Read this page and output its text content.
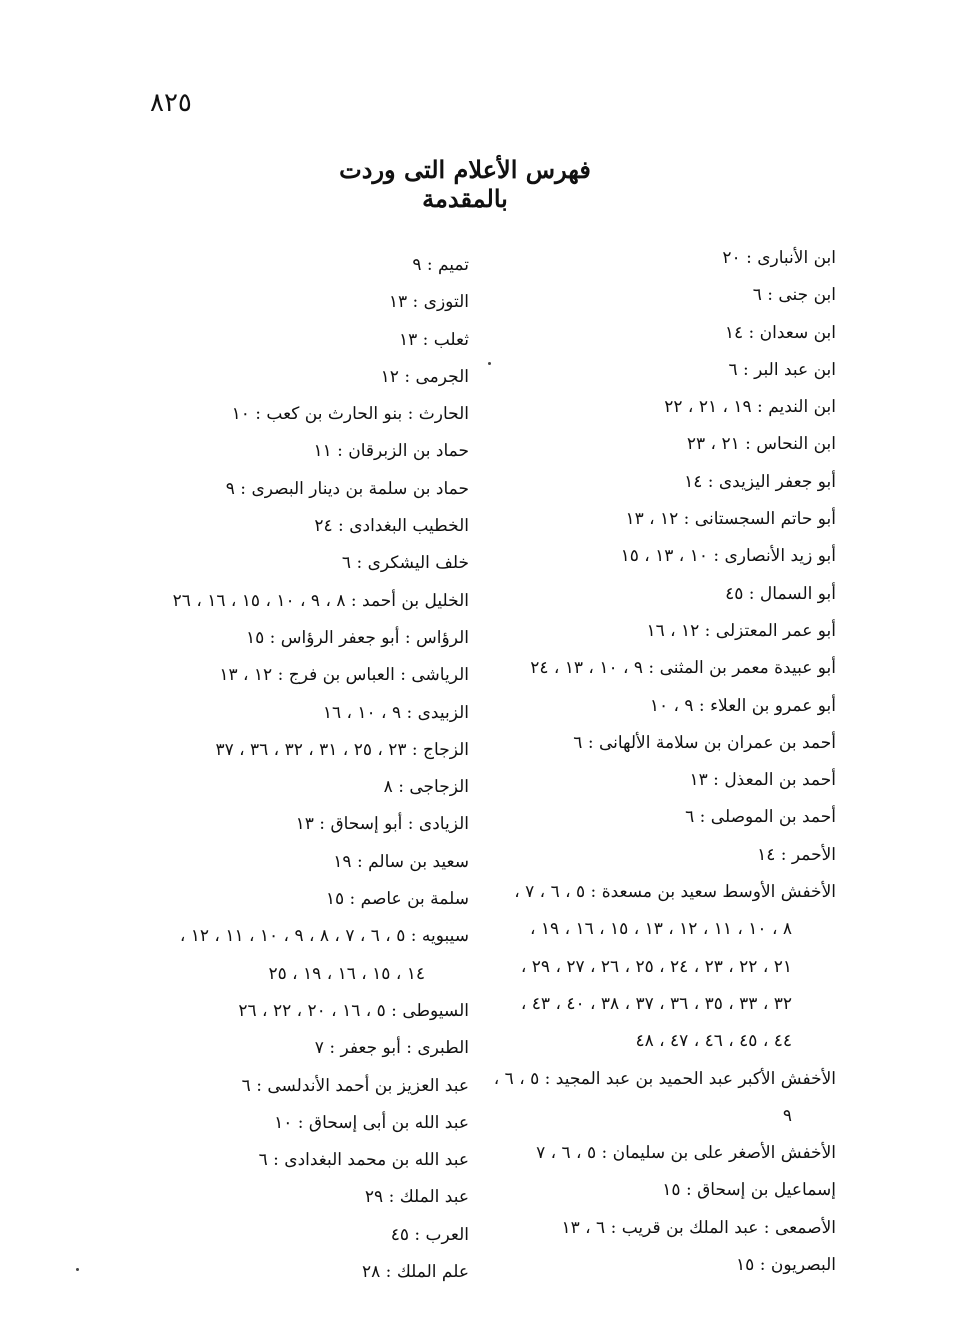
٨٢٥
فهرس الأعلام التى وردت بالمقدمة
ابن الأنبارى : ٢٠
ابن جنى : ٦
ابن سعدان : ١٤
ابن عبد البر : ٦
ابن النديم : ١٩ ، ٢١ ، ٢٢
ابن النحاس : ٢١ ، ٢٣
أبو جعفر اليزيدى : ١٤
أبو حاتم السجستانى : ١٢ ، ١٣
أبو زيد الأنصارى : ١٠ ، ١٣ ، ١٥
أبو السمال : ٤٥
أبو عمر المعتزلى : ١٢ ، ١٦
أبو عبيدة معمر بن المثنى : ٩ ، ١٠ ، ١٣ ، ٢٤
أبو عمرو بن العلاء : ٩ ، ١٠
أحمد بن عمران بن سلامة الألهانى : ٦
أحمد بن المعذل : ١٣
أحمد بن الموصلى : ٦
الأحمر : ١٤
الأخفش الأوسط سعيد بن مسعدة : ٥ ، ٦ ، ٧ ،
٨ ، ١٠ ، ١١ ، ١٢ ، ١٣ ، ١٥ ، ١٦ ، ١٩ ،
٢١ ، ٢٢ ، ٢٣ ، ٢٤ ، ٢٥ ، ٢٦ ، ٢٧ ، ٢٩ ،
٣٢ ، ٣٣ ، ٣٥ ، ٣٦ ، ٣٧ ، ٣٨ ، ٤٠ ، ٤٣ ،
٤٤ ، ٤٥ ، ٤٦ ، ٤٧ ، ٤٨
الأخفش الأكبر عبد الحميد بن عبد المجيد : ٥ ، ٦ ،
٩
الأخفش الأصغر على بن سليمان : ٥ ، ٦ ، ٧
إسماعيل بن إسحاق : ١٥
الأصمعى : عبد الملك بن قريب : ٦ ، ١٣
البصريون : ١٥
تميم : ٩
التوزى : ١٣
ثعلب : ١٣
الجرمى : ١٢
الحارث : بنو الحارث بن كعب : ١٠
حماد بن الزبرقان : ١١
حماد بن سلمة بن دينار البصرى : ٩
الخطيب البغدادى : ٢٤
خلف اليشكرى : ٦
الخليل بن أحمد : ٨ ، ٩ ، ١٠ ، ١٥ ، ١٦ ، ٢٦
الرؤاس : أبو جعفر الرؤاس : ١٥
الرياشى : العباس بن فرج : ١٢ ، ١٣
الزبيدى : ٩ ، ١٠ ، ١٦
الزجاج : ٢٣ ، ٢٥ ، ٣١ ، ٣٢ ، ٣٦ ، ٣٧
الزجاجى : ٨
الزيادى : أبو إسحاق : ١٣
سعيد بن سالم : ١٩
سلمة بن عاصم : ١٥
سيبويه : ٥ ، ٦ ، ٧ ، ٨ ، ٩ ، ١٠ ، ١١ ، ١٢ ،
١٤ ، ١٥ ، ١٦ ، ١٩ ، ٢٥
السيوطى : ٥ ، ١٦ ، ٢٠ ، ٢٢ ، ٢٦
الطبرى : أبو جعفر : ٧
عبد العزيز بن أحمد الأندلسى : ٦
عبد الله بن أبى إسحاق : ١٠
عبد الله بن محمد البغدادى : ٦
عبد الملك : ٢٩
العرب : ٤٥
علم الملك : ٢٨
